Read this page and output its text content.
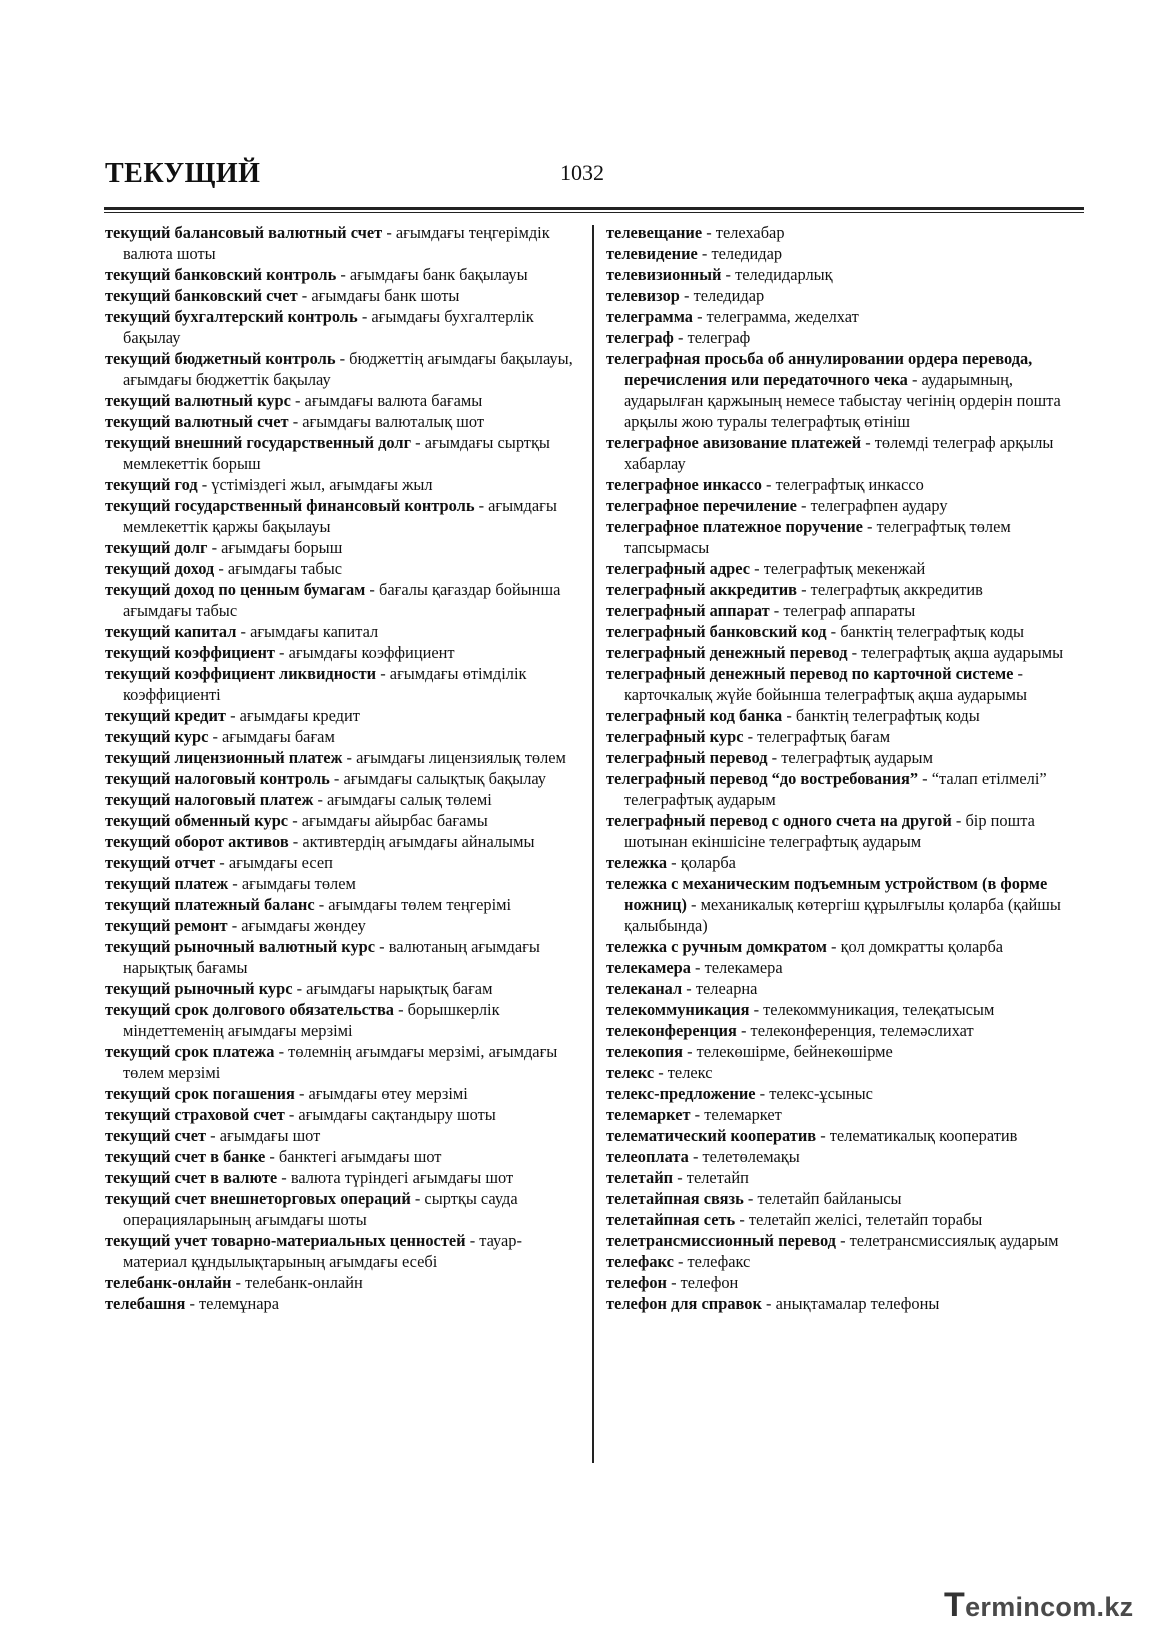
ТЕКУЩИЙ	1032

текущий балансовый валютный счет - ағымдағы теңгерімдік валюта шоты

текущий банковский контроль - ағымдағы банк бақылауы

текущий банковский счет - ағымдағы банк шоты

текущий бухгалтерский контроль - ағымдағы бухгалтерлік бақылау

текущий бюджетный контроль - бюджеттің ағымдағы бақылауы, ағымдағы бюджеттік бақылау

текущий валютный курс - ағымдағы валюта бағамы

текущий валютный счет - ағымдағы валюталық шот

текущий внешний государственный долг - ағымдағы сыртқы мемлекеттік борыш

текущий год - үстіміздегі жыл, ағымдағы жыл

текущий государственный финансовый контроль - ағымдағы мемлекеттік қаржы бақылауы

текущий долг - ағымдағы борыш

текущий доход - ағымдағы табыс

текущий доход по ценным бумагам - бағалы қағаздар бойынша ағымдағы табыс

текущий капитал - ағымдағы капитал

текущий коэффициент - ағымдағы коэффициент

текущий коэффициент ликвидности - ағымдағы өтімділік коэффициенті

текущий кредит - ағымдағы кредит

текущий курс - ағымдағы бағам

текущий лицензионный платеж - ағымдағы лицензиялық төлем

текущий налоговый контроль - ағымдағы салықтық бақылау

текущий налоговый платеж - ағымдағы салық төлемі

текущий обменный курс - ағымдағы айырбас бағамы

текущий оборот активов - активтердің ағымдағы айналымы

текущий отчет - ағымдағы есеп

текущий платеж - ағымдағы төлем

текущий платежный баланс - ағымдағы төлем теңгерімі

текущий ремонт - ағымдағы жөндеу

текущий рыночный валютный курс - валютаның ағымдағы нарықтық бағамы

текущий рыночный курс - ағымдағы нарықтық бағам

текущий срок долгового обязательства - борышкерлік міндеттеменің ағымдағы мерзімі

текущий срок платежа - төлемнің ағымдағы мерзімі, ағымдағы төлем мерзімі

текущий срок погашения - ағымдағы өтеу мерзімі

текущий страховой счет - ағымдағы сақтандыру шоты

текущий счет - ағымдағы шот

текущий счет в банке - банктегі ағымдағы шот

текущий счет в валюте - валюта түріндегі ағымдағы шот

текущий счет внешнеторговых операций - сыртқы сауда операцияларының ағымдағы шоты

текущий учет товарно-материальных ценностей - тауар-материал құндылықтарының ағымдағы есебі

телебанк-онлайн - телебанк-онлайн

телебашня - телемұнара

телевещание - телехабар

телевидение - теледидар

телевизионный - теледидарлық

телевизор - теледидар

телеграмма - телеграмма, жеделхат

телеграф - телеграф

телеграфная просьба об аннулировании ордера перевода, перечисления или передаточного чека - аударымның, аударылған қаржының немесе табыстау чегінің ордерін пошта арқылы жою туралы телеграфтық өтініш

телеграфное авизование платежей - төлемді телеграф арқылы хабарлау

телеграфное инкассо - телеграфтық инкассо

телеграфное перечиление - телеграфпен аудару

телеграфное платежное поручение - телеграфтық төлем тапсырмасы

телеграфный адрес - телеграфтық мекенжай

телеграфный аккредитив - телеграфтық аккредитив

телеграфный аппарат - телеграф аппараты

телеграфный банковский код - банктің телеграфтық коды

телеграфный денежный перевод - телеграфтық ақша аударымы

телеграфный денежный перевод по карточной системе - карточкалық жүйе бойынша телеграфтық ақша аударымы

телеграфный код банка - банктің телеграфтық коды

телеграфный курс - телеграфтық бағам

телеграфный перевод - телеграфтық аударым

телеграфный перевод “до востребования” - “талап етілмелі” телеграфтық аударым

телеграфный перевод с одного счета на другой - бір пошта шотынан екіншісіне телеграфтық аударым

тележка - қоларба

тележка с механическим подъемным устройством (в форме ножниц) - механикалық көтергіш құрылғылы қоларба (қайшы қалыбында)

тележка с ручным домкратом - қол домкратты қоларба

телекамера - телекамера

телеканал - телеарна

телекоммуникация - телекоммуникация, телеқатысым

телеконференция - телеконференция, телемәслихат

телекопия - телекөшірме, бейнекөшірме

телекс - телекс

телекс-предложение - телекс-ұсыныс

телемаркет - телемаркет

телематический кооператив - телематикалық кооператив

телеоплата - телетөлемақы

телетайп - телетайп

телетайпная связь - телетайп байланысы

телетайпная сеть - телетайп желісі, телетайп торабы

телетрансмиссионный перевод - телетрансмиссиялық аударым

телефакс - телефакс

телефон - телефон

телефон для справок - анықтамалар телефоны

Termincom.kz
